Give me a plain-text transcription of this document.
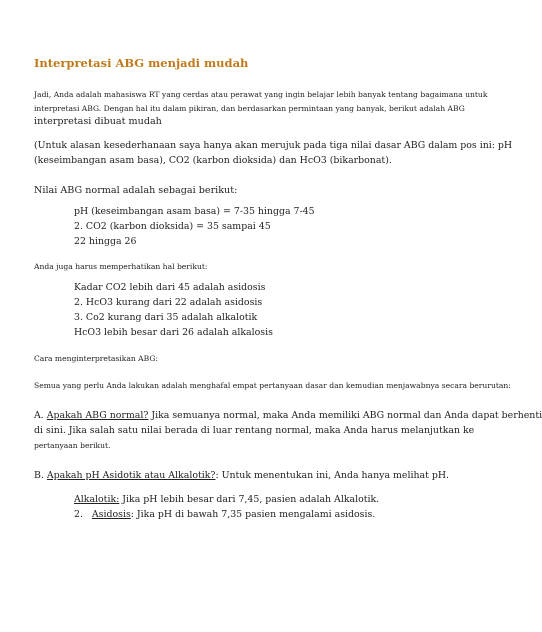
Interpretasi ABG menjadi mudah
Jadi, Anda adalah mahasiswa RT yang cerdas atau perawat yang ingin belajar lebih banyak tentang bagaimana untuk
interpretasi ABG. Dengan hal itu dalam pikiran, dan berdasarkan permintaan yang banyak, berikut adalah ABG
interpretasi dibuat mudah
(Untuk alasan kesederhanaan saya hanya akan merujuk pada tiga nilai dasar ABG dalam pos ini: pH
(keseimbangan asam basa), CO2 (karbon dioksida) dan HcO3 (bikarbonat).
Nilai ABG normal adalah sebagai berikut:
pH (keseimbangan asam basa) = 7-35 hingga 7-45
2. CO2 (karbon dioksida) = 35 sampai 45
22 hingga 26
Anda juga harus memperhatikan hal berikut:
Kadar CO2 lebih dari 45 adalah asidosis
2. HcO3 kurang dari 22 adalah asidosis
3. Co2 kurang dari 35 adalah alkalotik
HcO3 lebih besar dari 26 adalah alkalosis
Cara menginterpretasikan ABG:
Semua yang perlu Anda lakukan adalah menghafal empat pertanyaan dasar dan kemudian menjawabnya secara berurutan:
A. Apakah ABG normal? Jika semuanya normal, maka Anda memiliki ABG normal dan Anda dapat berhenti
di sini. Jika salah satu nilai berada di luar rentang normal, maka Anda harus melanjutkan ke
pertanyaan berikut.
B. Apakah pH Asidotik atau Alkalotik?: Untuk menentukan ini, Anda hanya melihat pH.
Alkalotik: Jika pH lebih besar dari 7,45, pasien adalah Alkalotik.
2. Asidosis: Jika pH di bawah 7,35 pasien mengalami asidosis.
